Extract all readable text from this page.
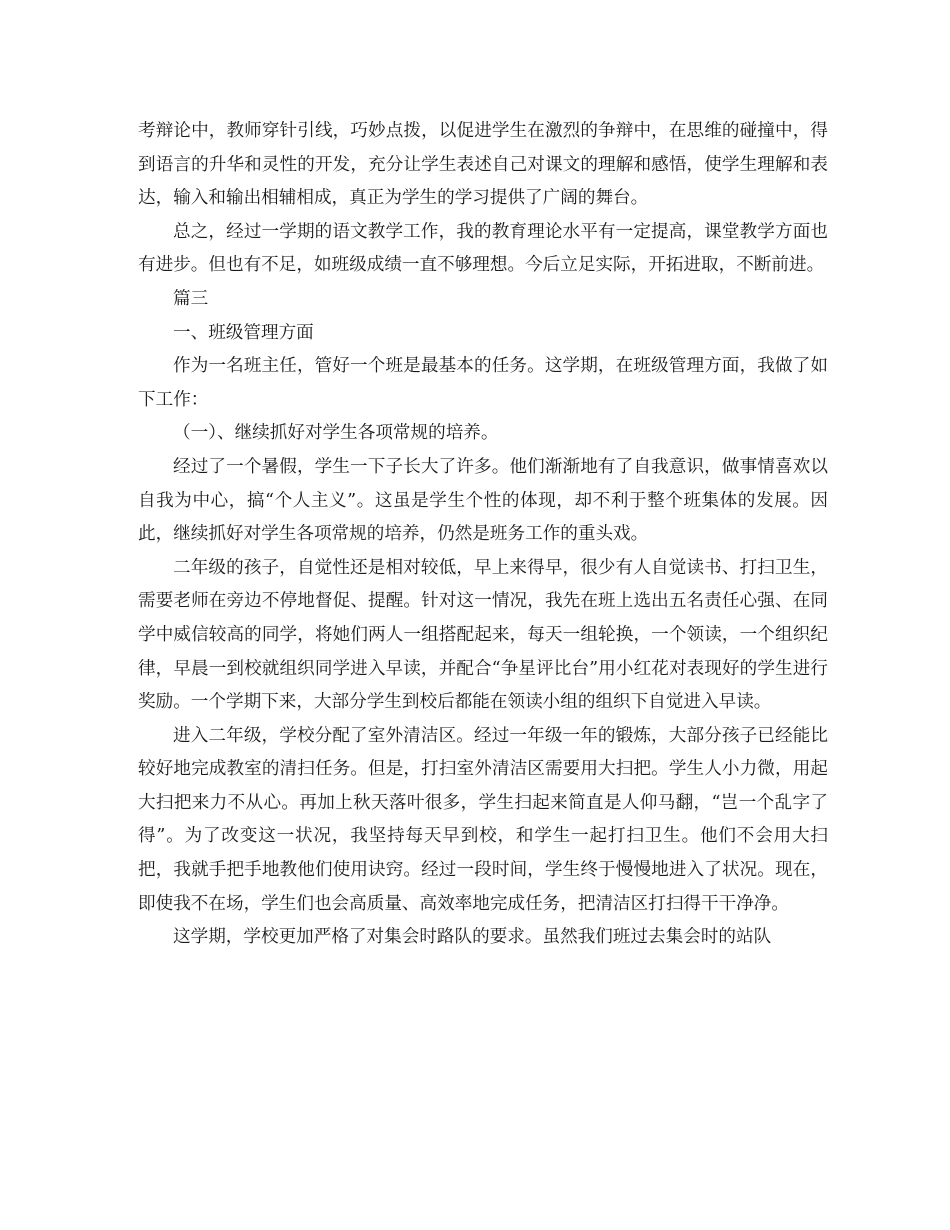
考辩论中，教师穿针引线，巧妙点拨，以促进学生在激烈的争辩中，在思维的碰撞中，得到语言的升华和灵性的开发，充分让学生表述自己对课文的理解和感悟，使学生理解和表达，输入和输出相辅相成，真正为学生的学习提供了广阔的舞台。

总之，经过一学期的语文教学工作，我的教育理论水平有一定提高，课堂教学方面也有进步。但也有不足，如班级成绩一直不够理想。今后立足实际，开拓进取，不断前进。

篇三

一、班级管理方面

作为一名班主任，管好一个班是最基本的任务。这学期，在班级管理方面，我做了如下工作：

（一）、继续抓好对学生各项常规的培养。

经过了一个暑假，学生一下子长大了许多。他们渐渐地有了自我意识，做事情喜欢以自我为中心，搞“个人主义”。这虽是学生个性的体现，却不利于整个班集体的发展。因此，继续抓好对学生各项常规的培养，仍然是班务工作的重头戏。

二年级的孩子，自觉性还是相对较低，早上来得早，很少有人自觉读书、打扫卫生，需要老师在旁边不停地督促、提醒。针对这一情况，我先在班上选出五名责任心强、在同学中威信较高的同学，将她们两人一组搭配起来，每天一组轮换，一个领读，一个组织纪律，早晨一到校就组织同学进入早读，并配合“争星评比台”用小红花对表现好的学生进行奖励。一个学期下来，大部分学生到校后都能在领读小组的组织下自觉进入早读。

进入二年级，学校分配了室外清洁区。经过一年级一年的锻炼，大部分孩子已经能比较好地完成教室的清扫任务。但是，打扫室外清洁区需要用大扫把。学生人小力微，用起大扫把来力不从心。再加上秋天落叶很多，学生扫起来简直是人仰马翻，“岂一个乱字了得”。为了改变这一状况，我坚持每天早到校，和学生一起打扫卫生。他们不会用大扫把，我就手把手地教他们使用诀窍。经过一段时间，学生终于慢慢地进入了状况。现在，即使我不在场，学生们也会高质量、高效率地完成任务，把清洁区打扫得干干净净。

这学期，学校更加严格了对集会时路队的要求。虽然我们班过去集会时的站队
